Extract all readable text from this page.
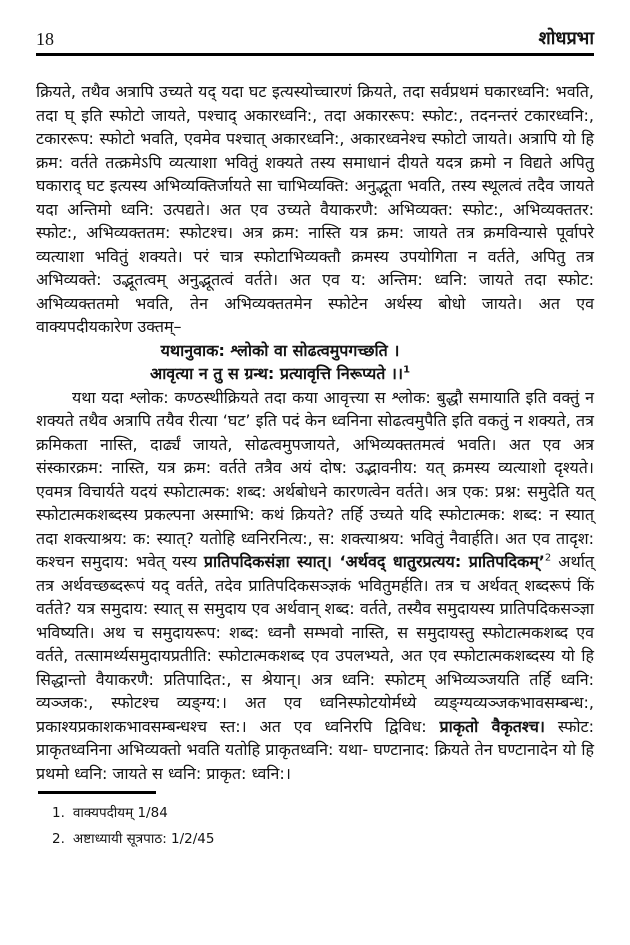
18	शोधप्रभा

क्रियते, तथैव अत्रापि उच्यते यद् यदा घट इत्यस्योच्चारणं क्रियते, तदा सर्वप्रथमं घकारध्वनि: भवति, तदा घ् इति स्फोटो जायते, पश्चाद् अकारध्वनि:, तदा अकाररूप: स्फोट:, तदनन्तरं टकारध्वनि:, टकाररूप: स्फोटो भवति, एवमेव पश्चात् अकारध्वनि:, अकारध्वनेश्च स्फोटो जायते। अत्रापि यो हि क्रम: वर्तते तत्क्रमेऽपि व्यत्याशा भवितुं शक्यते तस्य समाधानं दीयते यदत्र क्रमो न विद्यते अपितु घकाराद् घट इत्यस्य अभिव्यक्तिर्जायते सा चाभिव्यक्ति: अनुद्भूता भवति, तस्य स्थूलत्वं तदैव जायते यदा अन्तिमो ध्वनि: उत्पद्यते। अत एव उच्यते वैयाकरणै: अभिव्यक्त: स्फोट:, अभिव्यक्ततर: स्फोट:, अभिव्यक्ततम: स्फोटश्च। अत्र क्रम: नास्ति यत्र क्रम: जायते तत्र क्रमविन्यासे पूर्वापरे व्यत्याशा भवितुं शक्यते। परं चात्र स्फोटाभिव्यक्तौ क्रमस्य उपयोगिता न वर्तते, अपितु तत्र अभिव्यक्ते: उद्भूतत्वम् अनुद्भूतत्वं वर्तते। अत एव य: अन्तिम: ध्वनि: जायते तदा स्फोट: अभिव्यक्ततमो भवति, तेन अभिव्यक्ततमेन स्फोटेन अर्थस्य बोधो जायते। अत एव वाक्यपदीयकारेण उक्तम्–

यथानुवाक: श्लोको वा सोढत्वमुपगच्छति ।
आवृत्या न तु स ग्रन्थ: प्रत्यावृत्ति निरूप्यते ।।$^1$

यथा यदा श्लोक: कण्ठस्थीक्रियते तदा कया आवृत्त्या स श्लोक: बुद्धौ समायाति इति वक्तुं न शक्यते तथैव अत्रापि तयैव रीत्या ‘घट’ इति पदं केन ध्वनिना सोढत्वमुपैति इति वकतुं न शक्यते, तत्र क्रमिकता नास्ति, दार्ढ्यं जायते, सोढत्वमुपजायते, अभिव्यक्ततमत्वं भवति। अत एव अत्र संस्कारक्रम: नास्ति, यत्र क्रम: वर्तते तत्रैव अयं दोष: उद्भावनीय: यत् क्रमस्य व्यत्याशो दृश्यते। एवमत्र विचार्यते यदयं स्फोटात्मक: शब्द: अर्थबोधने कारणत्वेन वर्तते। अत्र एक: प्रश्न: समुदेति यत् स्फोटात्मकशब्दस्य प्रकल्पना अस्माभि: कथं क्रियते? तर्हि उच्यते यदि स्फोटात्मक: शब्द: न स्यात् तदा शक्त्याश्रय: क: स्यात्? यतोहि ध्वनिरनित्य:, स: शक्त्याश्रय: भवितुं नैवार्हति। अत एव तादृश: कश्चन समुदाय: भवेत् यस्य प्रातिपदिकसंज्ञा स्यात्। ‘अर्थवद् धातुरप्रत्यय: प्रातिपदिकम्’$^2$ अर्थात् तत्र अर्थवच्छब्दरूपं यद् वर्तते, तदेव प्रातिपदिकसञ्ज्ञकं भवितुमर्हति। तत्र च अर्थवत् शब्दरूपं किं वर्तते? यत्र समुदाय: स्यात् स समुदाय एव अर्थवान् शब्द: वर्तते, तस्यैव समुदायस्य प्रातिपदिकसञ्ज्ञा भविष्यति। अथ च समुदायरूप: शब्द: ध्वनौ सम्भवो नास्ति, स समुदायस्तु स्फोटात्मकशब्द एव वर्तते, तत्सामर्थ्यसमुदायप्रतीति: स्फोटात्मकशब्द एव उपलभ्यते, अत एव स्फोटात्मकशब्दस्य यो हि सिद्धान्तो वैयाकरणै: प्रतिपादित:, स श्रेयान्। अत्र ध्वनि: स्फोटम् अभिव्यञ्जयति तर्हि ध्वनि: व्यञ्जक:, स्फोटश्च व्यङ्ग्य:। अत एव ध्वनिस्फोटयोर्मध्ये व्यङ्ग्यव्यञ्जकभावसम्बन्ध:, प्रकाश्यप्रकाशकभावसम्बन्धश्च स्त:। अत एव ध्वनिरपि द्विविध: प्राकृतो वैकृतश्च। स्फोट: प्राकृतध्वनिना अभिव्यक्तो भवति यतोहि प्राकृतध्वनि: यथा- घण्टानाद: क्रियते तेन घण्टानादेन यो हि प्रथमो ध्वनि: जायते स ध्वनि: प्राकृत: ध्वनि:।

1. वाक्यपदीयम् 1/84
2. अष्टाध्यायी सूत्रपाठ: 1/2/45
